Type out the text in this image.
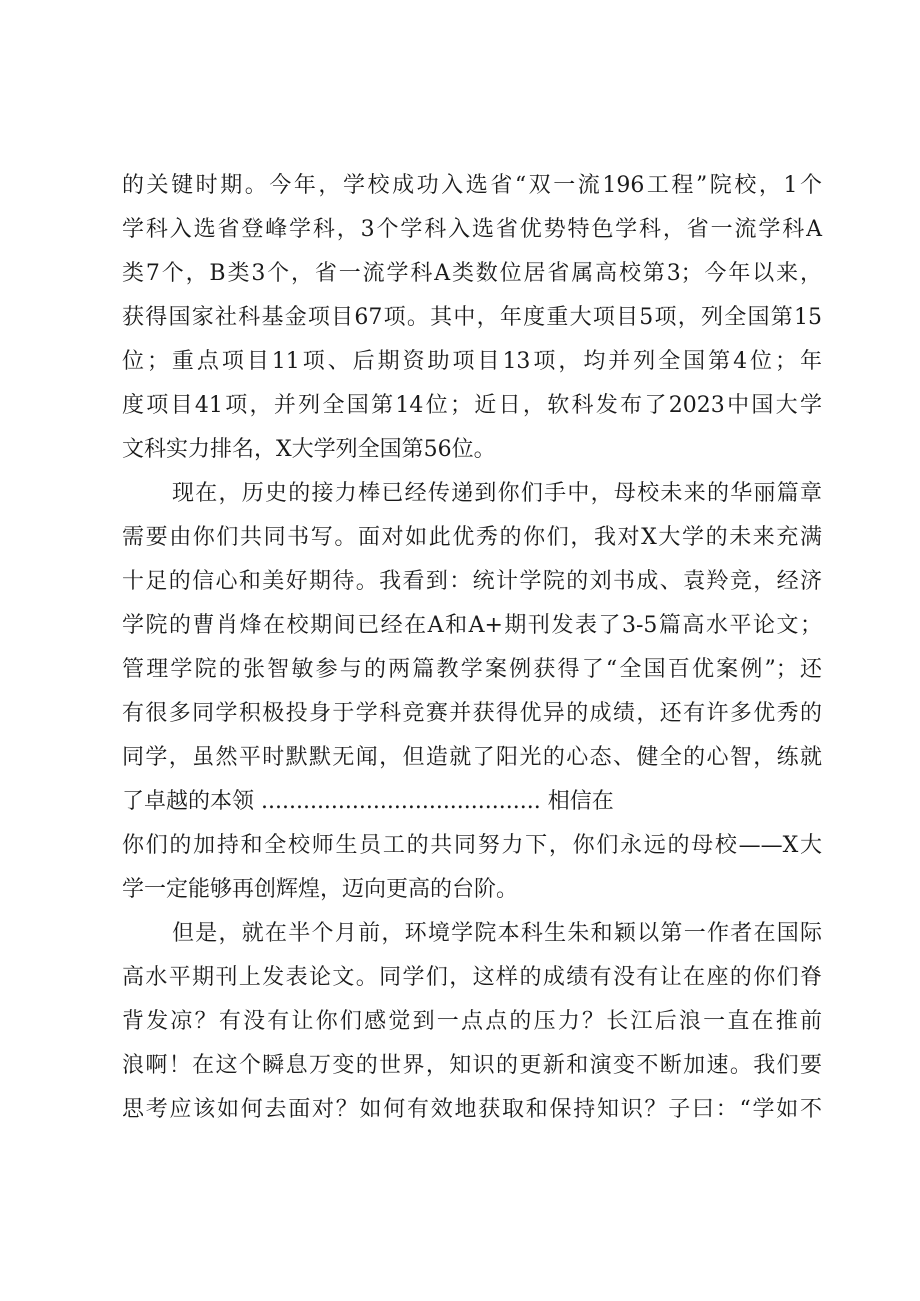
的关键时期。今年，学校成功入选省“双一流196工程”院校，1个
学科入选省登峰学科，3个学科入选省优势特色学科，省一流学科A
类7个，B类3个，省一流学科A类数位居省属高校第3；今年以来，
获得国家社科基金项目67项。其中，年度重大项目5项，列全国第15
位；重点项目11项、后期资助项目13项，均并列全国第4位；年
度项目41项，并列全国第14位；近日，软科发布了2023中国大学
文科实力排名，X大学列全国第56位。
现在，历史的接力棒已经传递到你们手中，母校未来的华丽篇章
需要由你们共同书写。面对如此优秀的你们，我对X大学的未来充满
十足的信心和美好期待。我看到：统计学院的刘书成、袁羚竞，经济
学院的曹肖烽在校期间已经在A和A+期刊发表了3-5篇高水平论文；
管理学院的张智敏参与的两篇教学案例获得了“全国百优案例”；还
有很多同学积极投身于学科竞赛并获得优异的成绩，还有许多优秀的
同学，虽然平时默默无闻，但造就了阳光的心态、健全的心智，练就
了卓越的本领 ........................................ 相信在
你们的加持和全校师生员工的共同努力下，你们永远的母校——X大
学一定能够再创辉煌，迈向更高的台阶。
但是，就在半个月前，环境学院本科生朱和颖以第一作者在国际
高水平期刊上发表论文。同学们，这样的成绩有没有让在座的你们脊
背发凉？有没有让你们感觉到一点点的压力？长江后浪一直在推前
浪啊！在这个瞬息万变的世界，知识的更新和演变不断加速。我们要
思考应该如何去面对？如何有效地获取和保持知识？子曰：“学如不
